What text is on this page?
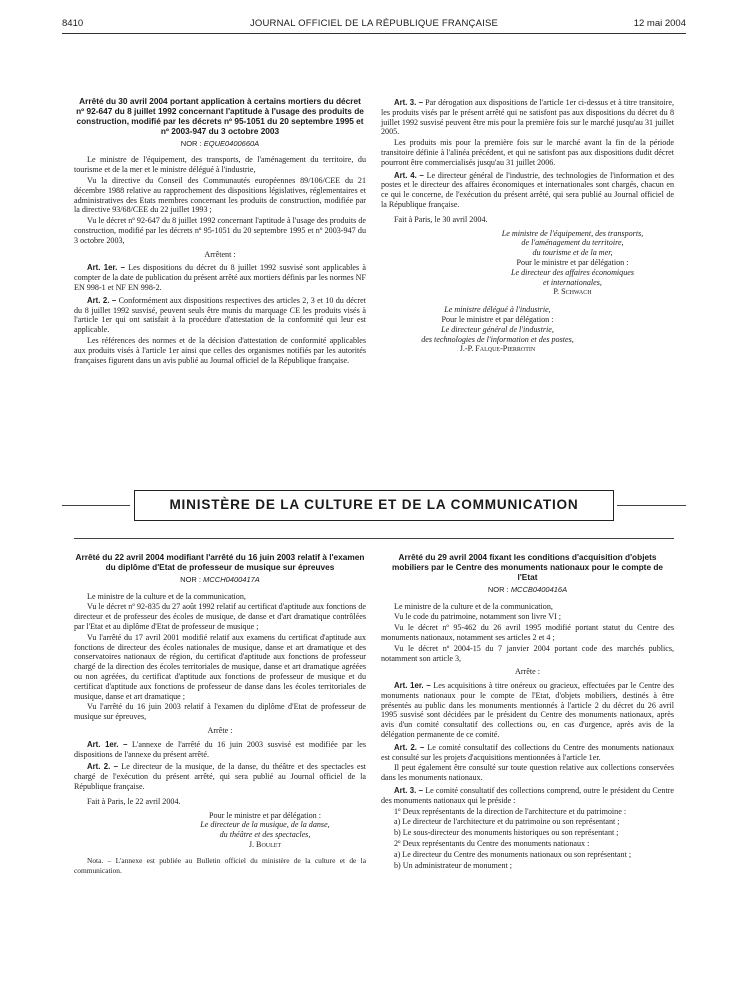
8410	JOURNAL OFFICIEL DE LA RÉPUBLIQUE FRANÇAISE	12 mai 2004
Arrêté du 30 avril 2004 portant application à certains mortiers du décret nº 92-647 du 8 juillet 1992 concernant l'aptitude à l'usage des produits de construction, modifié par les décrets nº 95-1051 du 20 septembre 1995 et nº 2003-947 du 3 octobre 2003
NOR : EQUE0400660A

Le ministre de l'équipement, des transports, de l'aménagement du territoire, du tourisme et de la mer et le ministre délégué à l'industrie,

Vu la directive du Conseil des Communautés européennes 89/106/CEE du 21 décembre 1988 relative au rapprochement des dispositions législatives, réglementaires et administratives des Etats membres concernant les produits de construction, modifiée par la directive 93/68/CEE du 22 juillet 1993 ;

Vu le décret nº 92-647 du 8 juillet 1992 concernant l'aptitude à l'usage des produits de construction, modifié par les décrets nº 95-1051 du 20 septembre 1995 et nº 2003-947 du 3 octobre 2003,

Arrêtent :

Art. 1er. – Les dispositions du décret du 8 juillet 1992 susvisé sont applicables à compter de la date de publication du présent arrêté aux mortiers définis par les normes NF EN 998-1 et NF EN 998-2.

Art. 2. – Conformément aux dispositions respectives des articles 2, 3 et 10 du décret du 8 juillet 1992 susvisé, peuvent seuls être munis du marquage CE les produits visés à l'article 1er qui ont satisfait à la procédure d'attestation de la conformité qui leur est applicable.

Les références des normes et de la décision d'attestation de conformité applicables aux produits visés à l'article 1er ainsi que celles des organismes notifiés par les autorités françaises figurent dans un avis publié au Journal officiel de la République française.

Art. 3. – Par dérogation aux dispositions de l'article 1er ci-dessus et à titre transitoire, les produits visés par le présent arrêté qui ne satisfont pas aux dispositions du décret du 8 juillet 1992 susvisé peuvent être mis pour la première fois sur le marché jusqu'au 31 juillet 2005.

Les produits mis pour la première fois sur le marché avant la fin de la période transitoire définie à l'alinéa précédent, et qui ne satisfont pas aux dispositions dudit décret pourront être commercialisés jusqu'au 31 juillet 2006.

Art. 4. – Le directeur général de l'industrie, des technologies de l'information et des postes et le directeur des affaires économiques et internationales sont chargés, chacun en ce qui le concerne, de l'exécution du présent arrêté, qui sera publié au Journal officiel de la République française.

Fait à Paris, le 30 avril 2004.

Le ministre de l'équipement, des transports,

de l'aménagement du territoire,

du tourisme et de la mer,

Pour le ministre et par délégation :

Le directeur des affaires économiques

et internationales,

P. Schwach

Le ministre délégué à l'industrie,

Pour le ministre et par délégation :

Le directeur général de l'industrie,

des technologies de l'information et des postes,

J.-P. Falque-Pierrotin

MINISTÈRE DE LA CULTURE ET DE LA COMMUNICATION
Arrêté du 22 avril 2004 modifiant l'arrêté du 16 juin 2003 relatif à l'examen du diplôme d'Etat de professeur de musique sur épreuves
NOR : MCCH0400417A

Le ministre de la culture et de la communication,

Vu le décret nº 92-835 du 27 août 1992 relatif au certificat d'aptitude aux fonctions de directeur et de professeur des écoles de musique, de danse et d'art dramatique contrôlées par l'Etat et au diplôme d'Etat de professeur de musique ;

Vu l'arrêté du 17 avril 2001 modifié relatif aux examens du certificat d'aptitude aux fonctions de directeur des écoles nationales de musique, danse et art dramatique et des conservatoires nationaux de région, du certificat d'aptitude aux fonctions de professeur chargé de la direction des écoles territoriales de musique, danse et art dramatique agréées ou non agréées, du certificat d'aptitude aux fonctions de professeur de musique et du certificat d'aptitude aux fonctions de professeur de danse dans les écoles territoriales de musique, danse et art dramatique ;

Vu l'arrêté du 16 juin 2003 relatif à l'examen du diplôme d'Etat de professeur de musique sur épreuves,

Arrête :

Art. 1er. – L'annexe de l'arrêté du 16 juin 2003 susvisé est modifiée par les dispositions de l'annexe du présent arrêté.

Art. 2. – Le directeur de la musique, de la danse, du théâtre et des spectacles est chargé de l'exécution du présent arrêté, qui sera publié au Journal officiel de la République française.

Fait à Paris, le 22 avril 2004.

Pour le ministre et par délégation :

Le directeur de la musique, de la danse,

du théâtre et des spectacles,

J. Boulet

Nota. – L'annexe est publiée au Bulletin officiel du ministère de la culture et de la communication.

Arrêté du 29 avril 2004 fixant les conditions d'acquisition d'objets mobiliers par le Centre des monuments nationaux pour le compte de l'Etat
NOR : MCCB0400416A

Le ministre de la culture et de la communication,

Vu le code du patrimoine, notamment son livre VI ;

Vu le décret nº 95-462 du 26 avril 1995 modifié portant statut du Centre des monuments nationaux, notamment ses articles 2 et 4 ;

Vu le décret nº 2004-15 du 7 janvier 2004 portant code des marchés publics, notamment son article 3,

Arrête :

Art. 1er. – Les acquisitions à titre onéreux ou gracieux, effectuées par le Centre des monuments nationaux pour le compte de l'Etat, d'objets mobiliers, destinés à être présentés au public dans les monuments mentionnés à l'article 2 du décret du 26 avril 1995 susvisé sont décidées par le président du Centre des monuments nationaux, après avis d'un comité consultatif des collections ou, en cas d'urgence, après avis de la délégation permanente de ce comité.

Art. 2. – Le comité consultatif des collections du Centre des monuments nationaux est consulté sur les projets d'acquisitions mentionnées à l'article 1er.

Il peut également être consulté sur toute question relative aux collections conservées dans les monuments nationaux.

Art. 3. – Le comité consultatif des collections comprend, outre le président du Centre des monuments nationaux qui le préside :

1º Deux représentants de la direction de l'architecture et du patrimoine :

a) Le directeur de l'architecture et du patrimoine ou son représentant ;

b) Le sous-directeur des monuments historiques ou son représentant ;

2º Deux représentants du Centre des monuments nationaux :

a) Le directeur du Centre des monuments nationaux ou son représentant ;

b) Un administrateur de monument ;
